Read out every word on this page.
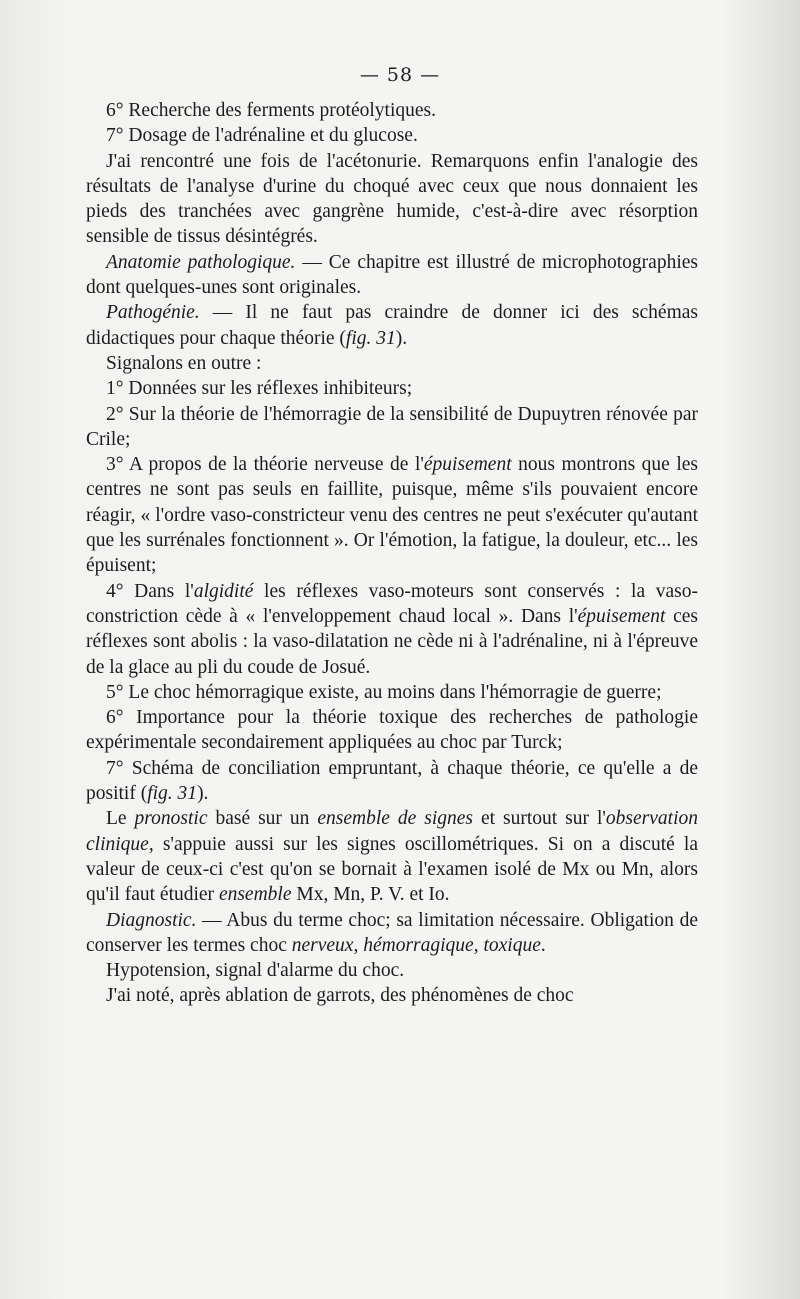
— 58 —

6° Recherche des ferments protéolytiques.

7° Dosage de l'adrénaline et du glucose.

J'ai rencontré une fois de l'acétonurie. Remarquons enfin l'analogie des résultats de l'analyse d'urine du choqué avec ceux que nous donnaient les pieds des tranchées avec gangrène humide, c'est-à-dire avec résorption sensible de tissus désintégrés.

Anatomie pathologique. — Ce chapitre est illustré de microphotographies dont quelques-unes sont originales.

Pathogénie. — Il ne faut pas craindre de donner ici des schémas didactiques pour chaque théorie (fig. 31).

Signalons en outre :

1° Données sur les réflexes inhibiteurs;

2° Sur la théorie de l'hémorragie de la sensibilité de Dupuytren rénovée par Crile;

3° A propos de la théorie nerveuse de l'épuisement nous montrons que les centres ne sont pas seuls en faillite, puisque, même s'ils pouvaient encore réagir, « l'ordre vaso-constricteur venu des centres ne peut s'exécuter qu'autant que les surrénales fonctionnent ». Or l'émotion, la fatigue, la douleur, etc... les épuisent;

4° Dans l'algidité les réflexes vaso-moteurs sont conservés : la vaso-constriction cède à « l'enveloppement chaud local ». Dans l'épuisement ces réflexes sont abolis : la vaso-dilatation ne cède ni à l'adrénaline, ni à l'épreuve de la glace au pli du coude de Josué.

5° Le choc hémorragique existe, au moins dans l'hémorragie de guerre;

6° Importance pour la théorie toxique des recherches de pathologie expérimentale secondairement appliquées au choc par Turck;

7° Schéma de conciliation empruntant, à chaque théorie, ce qu'elle a de positif (fig. 31).

Le pronostic basé sur un ensemble de signes et surtout sur l'observation clinique, s'appuie aussi sur les signes oscillométriques. Si on a discuté la valeur de ceux-ci c'est qu'on se bornait à l'examen isolé de Mx ou Mn, alors qu'il faut étudier ensemble Mx, Mn, P. V. et Io.

Diagnostic. — Abus du terme choc; sa limitation nécessaire. Obligation de conserver les termes choc nerveux, hémorragique, toxique.

Hypotension, signal d'alarme du choc.

J'ai noté, après ablation de garrots, des phénomènes de choc
